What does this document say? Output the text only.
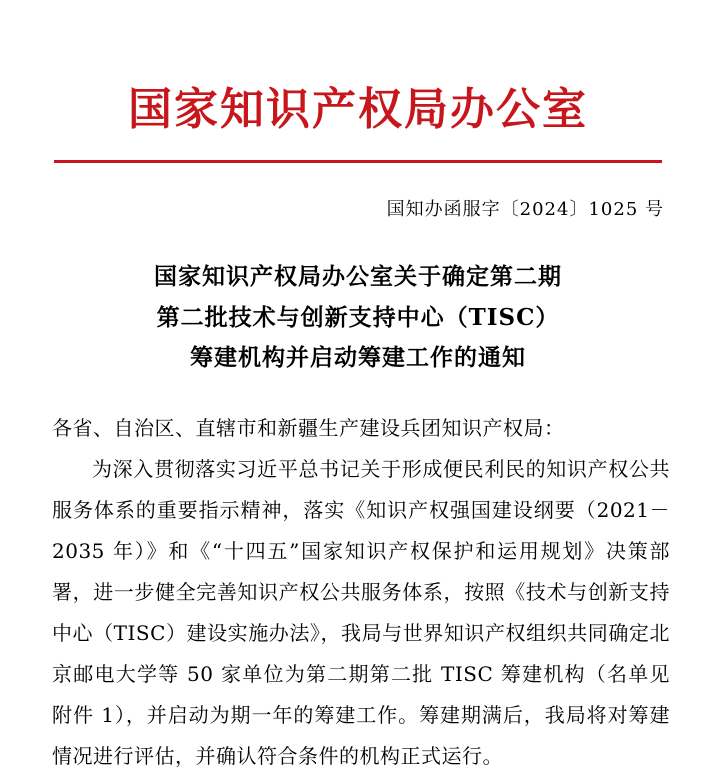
国家知识产权局办公室
国知办函服字〔2024〕1025 号
国家知识产权局办公室关于确定第二期
第二批技术与创新支持中心（TISC）
筹建机构并启动筹建工作的通知

各省、自治区、直辖市和新疆生产建设兵团知识产权局：

为深入贯彻落实习近平总书记关于形成便民利民的知识产权公共服务体系的重要指示精神，落实《知识产权强国建设纲要（2021－2035 年）》和《“十四五”国家知识产权保护和运用规划》决策部署，进一步健全完善知识产权公共服务体系，按照《技术与创新支持中心（TISC）建设实施办法》，我局与世界知识产权组织共同确定北京邮电大学等 50 家单位为第二期第二批 TISC 筹建机构（名单见附件 1），并启动为期一年的筹建工作。筹建期满后，我局将对筹建情况进行评估，并确认符合条件的机构正式运行。
